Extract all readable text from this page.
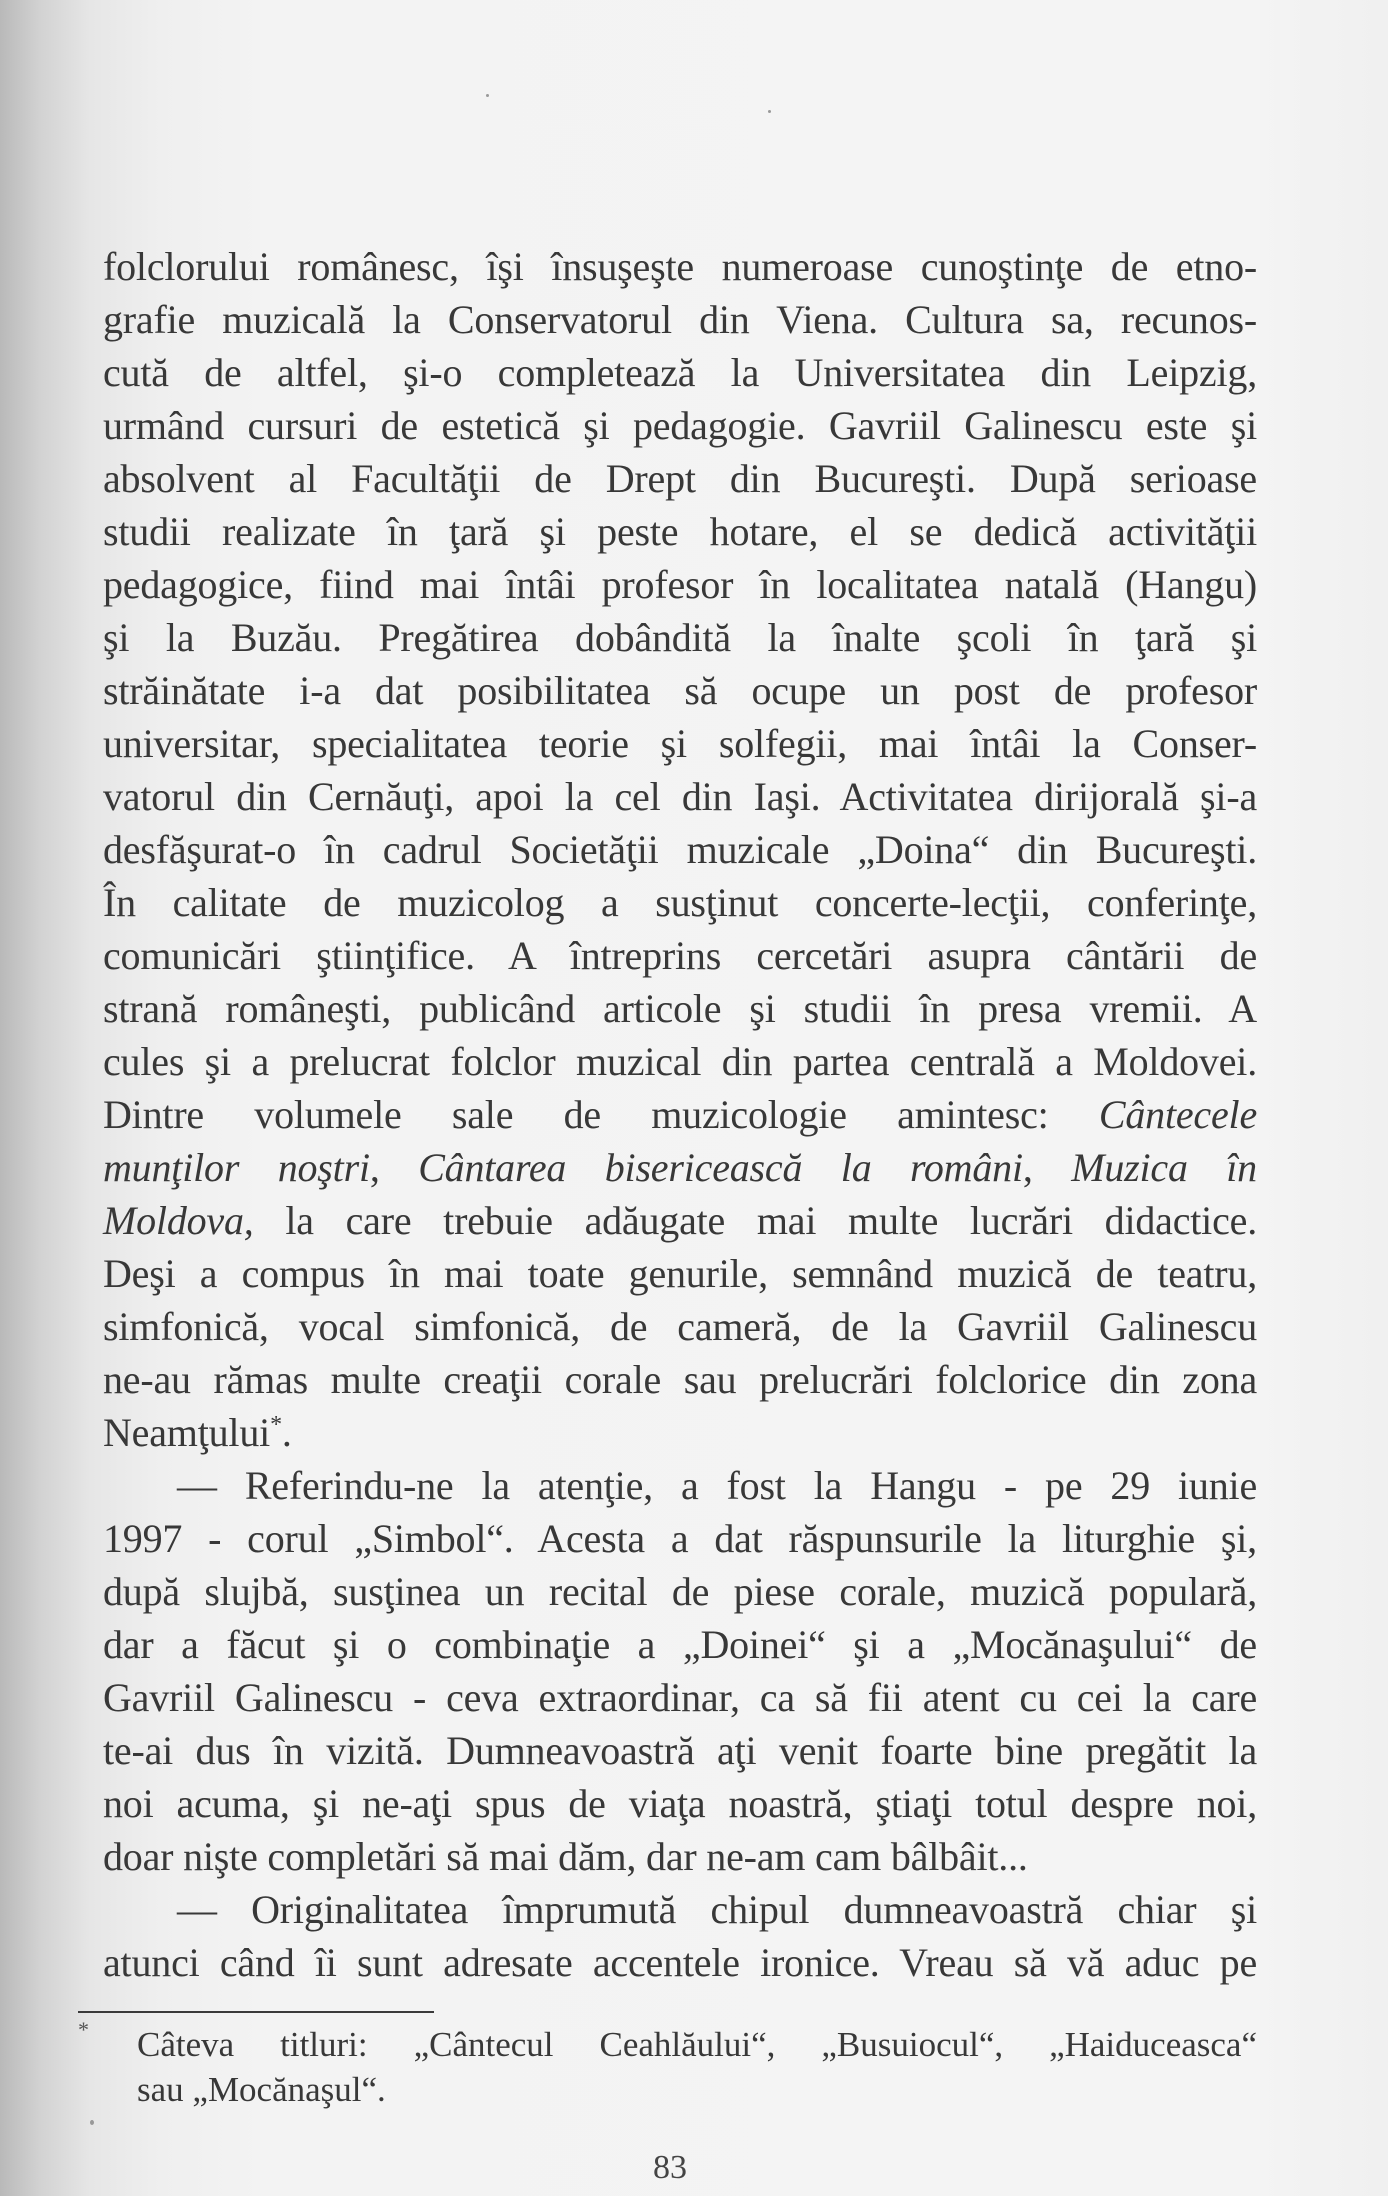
folclorului românesc, îşi însuşeşte numeroase cunoştinţe de etno-
grafie muzicală la Conservatorul din Viena. Cultura sa, recunos-
cută de altfel, şi-o completează la Universitatea din Leipzig,
urmând cursuri de estetică şi pedagogie. Gavriil Galinescu este şi
absolvent al Facultăţii de Drept din Bucureşti. După serioase
studii realizate în ţară şi peste hotare, el se dedică activităţii
pedagogice, fiind mai întâi profesor în localitatea natală (Hangu)
şi la Buzău. Pregătirea dobândită la înalte şcoli în ţară şi
străinătate i-a dat posibilitatea să ocupe un post de profesor
universitar, specialitatea teorie şi solfegii, mai întâi la Conser-
vatorul din Cernăuţi, apoi la cel din Iaşi. Activitatea dirijorală şi-a
desfăşurat-o în cadrul Societăţii muzicale „Doina“ din Bucureşti.
În calitate de muzicolog a susţinut concerte-lecţii, conferinţe,
comunicări ştiinţifice. A întreprins cercetări asupra cântării de
strană româneşti, publicând articole şi studii în presa vremii. A
cules şi a prelucrat folclor muzical din partea centrală a Moldovei.
Dintre volumele sale de muzicologie amintesc: Cântecele
munţilor noştri, Cântarea bisericească la români, Muzica în
Moldova, la care trebuie adăugate mai multe lucrări didactice.
Deşi a compus în mai toate genurile, semnând muzică de teatru,
simfonică, vocal simfonică, de cameră, de la Gavriil Galinescu
ne-au rămas multe creaţii corale sau prelucrări folclorice din zona
Neamţului*.
— Referindu-ne la atenţie, a fost la Hangu - pe 29 iunie
1997 - corul „Simbol“. Acesta a dat răspunsurile la liturghie şi,
după slujbă, susţinea un recital de piese corale, muzică populară,
dar a făcut şi o combinaţie a „Doinei“ şi a „Mocănaşului“ de
Gavriil Galinescu - ceva extraordinar, ca să fii atent cu cei la care
te-ai dus în vizită. Dumneavoastră aţi venit foarte bine pregătit la
noi acuma, şi ne-aţi spus de viaţa noastră, ştiaţi totul despre noi,
doar nişte completări să mai dăm, dar ne-am cam bâlbâit...
— Originalitatea împrumută chipul dumneavoastră chiar şi
atunci când îi sunt adresate accentele ironice. Vreau să vă aduc pe
* Câteva titluri: „Cântecul Ceahlăului“, „Busuiocul“, „Haiduceasca“
sau „Mocănaşul“.
83
